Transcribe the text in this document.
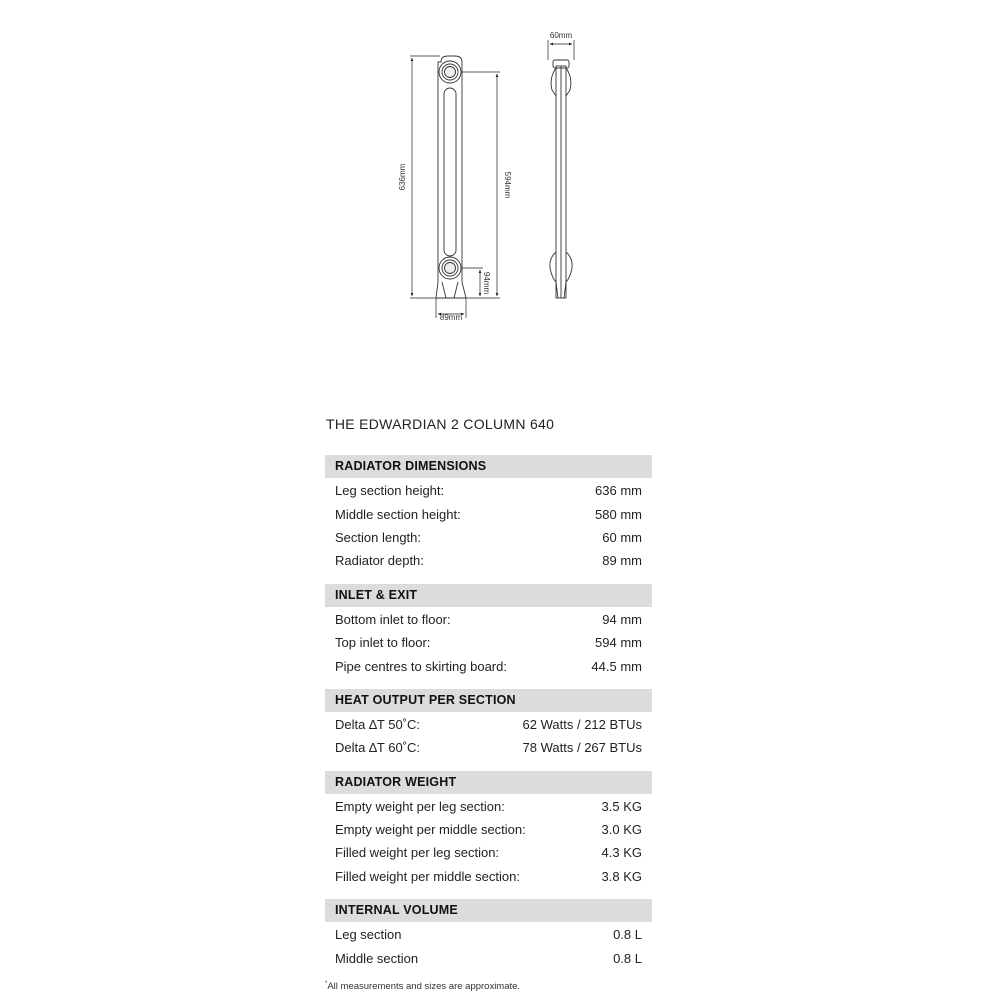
636mm	594mm
94mm
89mm
60mm
THE EDWARDIAN 2 COLUMN 640
RADIATOR DIMENSIONS
Leg section height:	636 mm
Middle section height:	580 mm
Section length:	60 mm
Radiator depth:	89 mm
INLET & EXIT
Bottom inlet to floor:	94 mm
Top inlet to floor:	594 mm
Pipe centres to skirting board:	44.5 mm
HEAT OUTPUT PER SECTION
Delta ∆T 50˚C:	62 Watts / 212 BTUs
Delta ∆T 60˚C:	78 Watts / 267 BTUs
RADIATOR WEIGHT
Empty weight per leg section:	3.5 KG
Empty weight per middle section:	3.0 KG
Filled weight per leg section:	4.3 KG
Filled weight per middle section:	3.8 KG
INTERNAL VOLUME
Leg section	0.8 L
Middle section	0.8 L
*All measurements and sizes are approximate.
